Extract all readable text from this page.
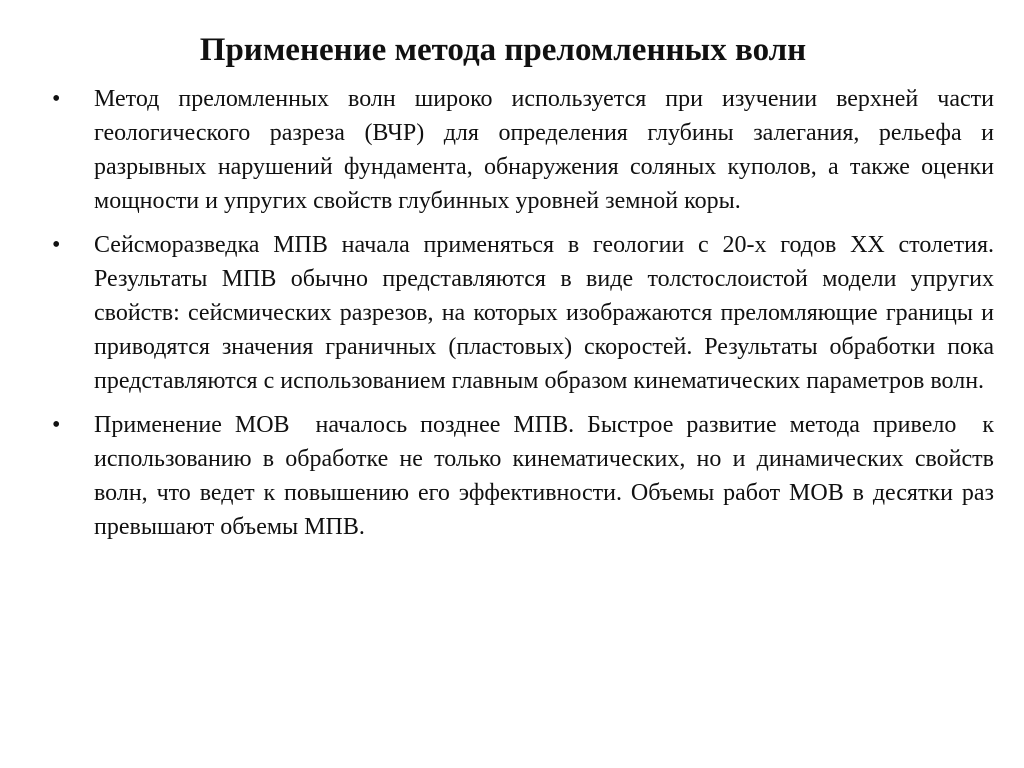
Применение метода преломленных волн
• Метод преломленных волн широко используется при изучении верхней части геологического разреза (ВЧР) для определения глубины залегания, рельефа и разрывных нарушений фундамента, обнаружения соляных куполов, а также оценки мощности и упругих свойств глубинных уровней земной коры.
• Сейсморазведка МПВ начала применяться в геологии с 20-х годов XX столетия. Результаты МПВ обычно представляются в виде толстослоистой модели упругих свойств: сейсмических разрезов, на которых изображаются преломляющие границы и приводятся значения граничных (пластовых) скоростей. Результаты обработки пока представляются с использованием главным образом кинематических параметров волн.
• Применение МОВ  началось позднее МПВ. Быстрое развитие метода привело  к использованию в обработке не только кинематических, но и динамических свойств волн, что ведет к повышению его эффективности. Объемы работ МОВ в десятки раз превышают объемы МПВ.
